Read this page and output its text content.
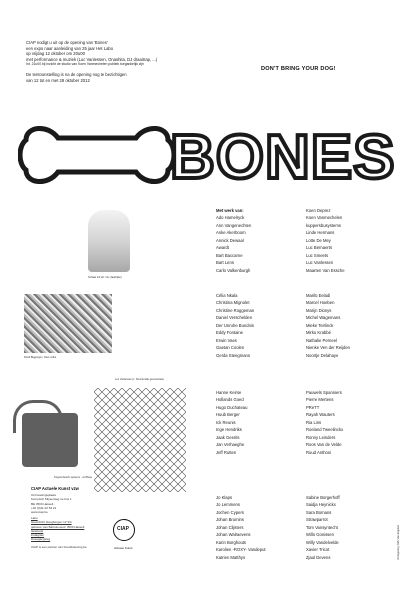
CIAP nodigt u uit op de opening van 'Bones'
een expo naar aanleiding van 25 jaar Het Labo
op vrijdag 12 oktober om 20u00
met performance & muziek (Luc Vanlessen, Onashita, DJ draaitrap, ...)
Int. 21u00 bij inzicht de studio van Koen Vanmechelen publiek toegankelijk zijn
De tentoonstelling is na de opening nog te bezichtigen
van 12 tot en met 28 oktober 2012
DON'T BRING YOUR DOG!
BONES
Schaal 1/2 art. Ink (Jaarbijke)
Dood Biggingen, hiers volks
Koppenbosch systems - art Bose
Luc Vanlessen jz. Structurelle geometrieën
Met werk van:
Ado Hamelryck
Ann Vangenechten
Anke Akerboom
Annick Dewaal
Awardt
Bart Baccarne
Bart Lens
Carlo Valkenburgh
Célia Nkala
Christina Mignolet
Christine Roggeman
Daniel Verschelden
Der Unruhe Bundnis
Eddy Fontaine
Erwin Vaes
Gaetan Coolen
Gerda Steegmans
Hanne Keirse
Hollands Goed
Hugo Duchateau
Huub Berger
Ick Reunis
Inge Hendriks
Jaak Geerits
Jan Verhaeghe
Jeff Rutten
Jo Klaps
Jo Lemmens
Jochen Cypers
Johan Brumins
Johan Clijsters
Johan Walraevens
Karin Borghouts
Karolien -ROXY- Vandeput
Katrien Matthys
Koen Deprez
Koen Vanmechelen
kuppersbusystems
Linde Hermans
Lotte De Mey
Luc Bernaerts
Luc Smeets
Luc Vanlessen
Maarten Van Essche
Marilü Eeladi
Marcel Hoeben
Marijn Dionys
Michel Wagemans
Mieke Teirlinck
Mirko Krabbé
Nathalie Perneel
Nienke Ven der Reijden
Noortje Delahaye
Pauwels Spanniers
Pierre Mertens
PReTT
Rayah Wauters
Ria Lins
Roeland Tweelinckx
Ronny Leinders
Roos Van de Velde
Ruud Anthoni
Sabine Borgerhoff
Saidja Heynickx
Sara Bomans
Strawparrot
Tom Vansyntecht
Willo Gonissen
Willy Vandelvelde
Xavier Tricot
Zjaul Devens
CIAP Actuele Kunst vzw
Ontmoetingsplaats
Kempisch Mijnenweg 1e bus 1
BE 3500 Hasselt
+32 (0)11 22 53 21
www.ciap.be
Labo
Gevelzicht Hoogbergen 12 3/4
gebouw 'Jan Bartolomeus' 3500 Hasselt
facebook
instagram
Doesgangsleg
CIAP is een partner van Kunstbeleving.be
CIAP
Actuele Kunst	Vormgeving: Dirk Van Engelen
